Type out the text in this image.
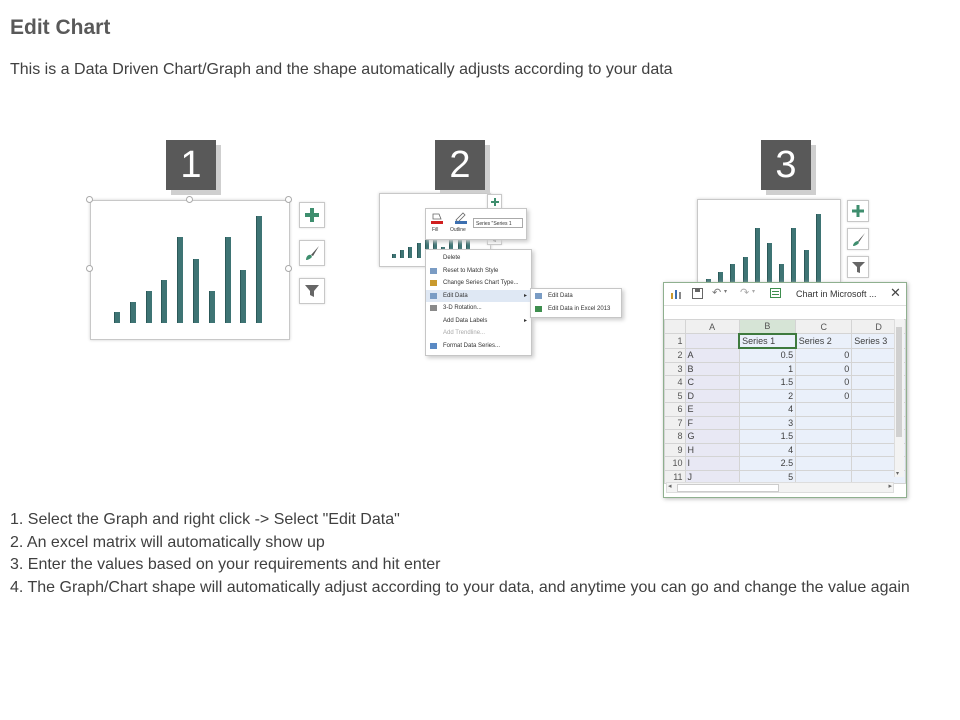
Edit Chart
This is a Data Driven Chart/Graph and the shape automatically adjusts according to your data
1	2	3
Fill Outline
Series "Series 1
Delete
Reset to Match Style
Change Series Chart Type...
Edit Data	▸
3-D Rotation...
Add Data Labels	▸
Add Trendline...
Format Data Series...
Edit Data
Edit Data in Excel 2013
↶ ▾ ↷ ▾	Chart in Microsoft ... ✕
	A	B	C	D
1		Series 1	Series 2	Series 3
2	A	0.5	0	
3	B	1	0	
4	C	1.5	0	
5	D	2	0	
6	E	4		
7	F	3		
8	G	1.5		
9	H	4		
10	I	2.5		
11	J	5			▾
◂	▸
1. Select the Graph and right click -> Select "Edit Data"
2. An excel matrix will automatically show up
3. Enter the values based on your requirements and hit enter
4. The Graph/Chart shape will automatically adjust according to your data, and anytime you can go and change the value again
